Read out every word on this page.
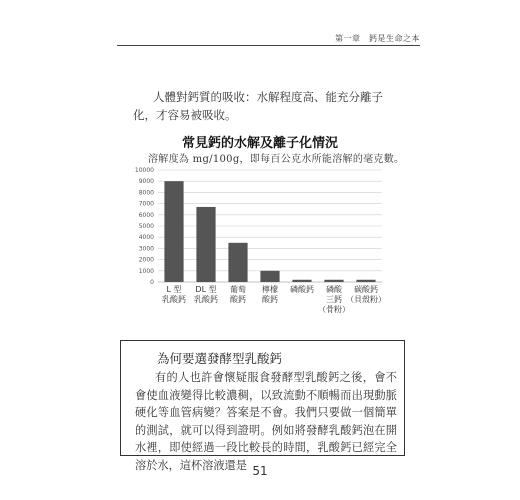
第一章　鈣是生命之本
人體對鈣質的吸收：水解程度高、能充分離子化，才容易被吸收。
常見鈣的水解及離子化情況
溶解度為 mg/100g，即每百公克水所能溶解的毫克數。
0
1000
2000
3000
4000
5000
6000
7000
8000
9000
10000
L 型乳酸鈣
DL 型乳酸鈣
葡萄酸鈣
檸檬酸鈣
磷酸鈣	磷酸三鈣（骨粉）
碳酸鈣（貝殼粉）
為何要選發酵型乳酸鈣
有的人也許會懷疑服食發酵型乳酸鈣之後，會不會使血液變得比較濃稠，以致流動不順暢而出現動脈硬化等血管病變？答案是不會。我們只要做一個簡單的測試，就可以得到證明。例如將發酵乳酸鈣泡在開水裡，即使經過一段比較長的時間，乳酸鈣已經完全溶於水，這杯溶液還是 51
